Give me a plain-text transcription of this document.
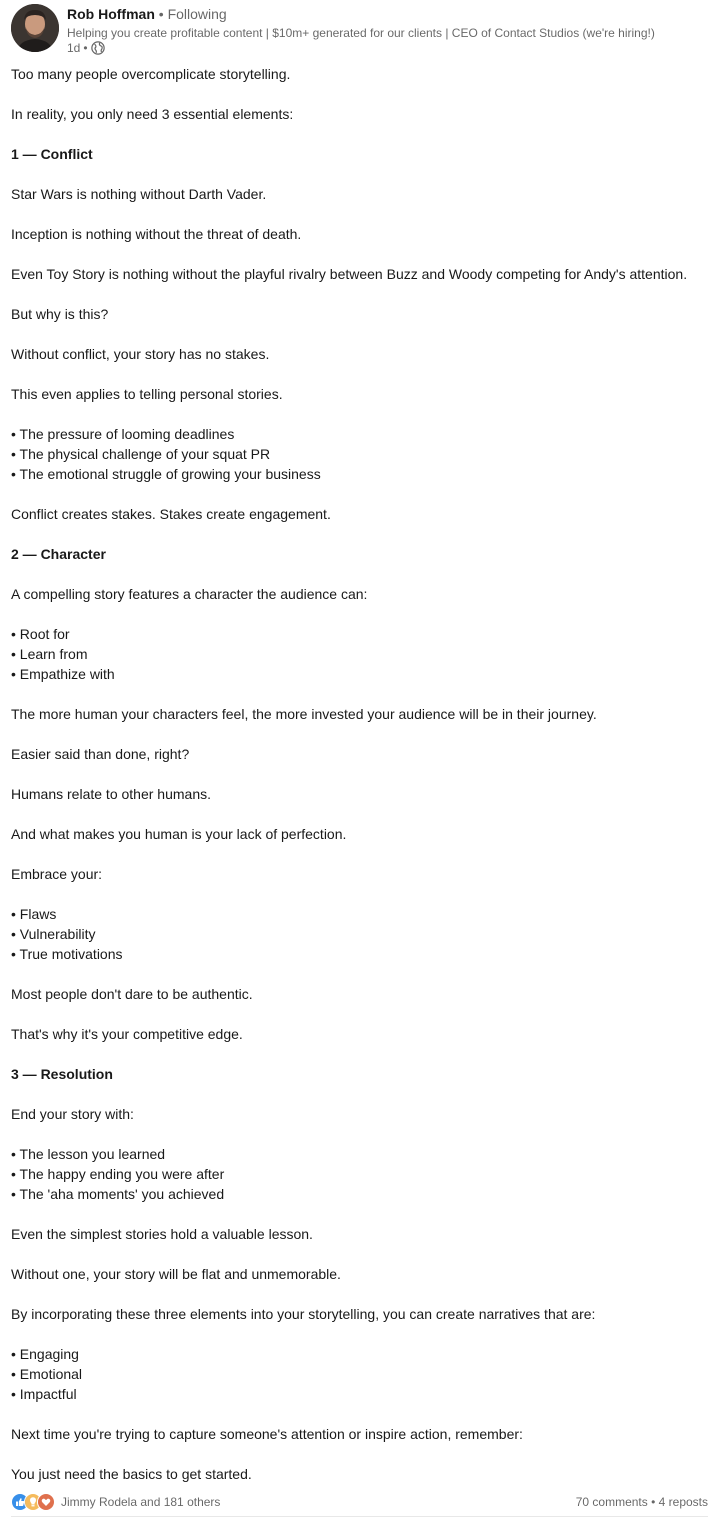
Rob Hoffman • Following
Helping you create profitable content | $10m+ generated for our clients | CEO of Contact Studios (we're hiring!)
1d •

Too many people overcomplicate storytelling.

In reality, you only need 3 essential elements:

1 — Conflict

Star Wars is nothing without Darth Vader.

Inception is nothing without the threat of death.

Even Toy Story is nothing without the playful rivalry between Buzz and Woody competing for Andy's attention.

But why is this?

Without conflict, your story has no stakes.

This even applies to telling personal stories.

• The pressure of looming deadlines
• The physical challenge of your squat PR
• The emotional struggle of growing your business

Conflict creates stakes. Stakes create engagement.

2 — Character

A compelling story features a character the audience can:

• Root for
• Learn from
• Empathize with

The more human your characters feel, the more invested your audience will be in their journey.

Easier said than done, right?

Humans relate to other humans.

And what makes you human is your lack of perfection.

Embrace your:

• Flaws
• Vulnerability
• True motivations

Most people don't dare to be authentic.

That's why it's your competitive edge.

3 — Resolution

End your story with:

• The lesson you learned
• The happy ending you were after
• The 'aha moments' you achieved

Even the simplest stories hold a valuable lesson.

Without one, your story will be flat and unmemorable.

By incorporating these three elements into your storytelling, you can create narratives that are:

• Engaging
• Emotional
• Impactful

Next time you're trying to capture someone's attention or inspire action, remember:

You just need the basics to get started.

Jimmy Rodela and 181 others	70 comments • 4 reposts
